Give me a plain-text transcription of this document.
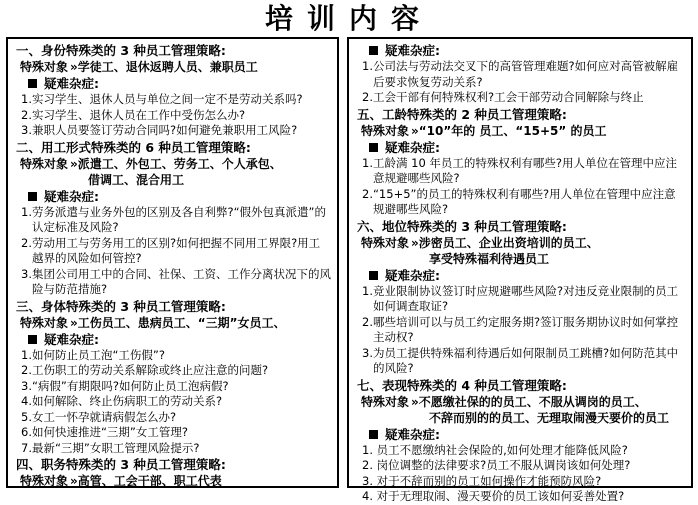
培训内容
一、身份特殊类的 3 种员工管理策略:
特殊对象 »学徒工、退休返聘人员、兼职员工
疑难杂症:
1.实习学生、退休人员与单位之间一定不是劳动关系吗?
2.实习学生、退休人员在工作中受伤怎么办?
3.兼职人员要签订劳动合同吗?如何避免兼职用工风险?
二、用工形式特殊类的 6 种员工管理策略:
特殊对象 »派遣工、外包工、劳务工、个人承包、
借调工、混合用工
疑难杂症:
1.劳务派遣与业务外包的区别及各自利弊?“假外包真派遣”的认定标准及风险?
2.劳动用工与劳务用工的区别?如何把握不同用工界限?用工越界的风险如何管控?
3.集团公司用工中的合同、社保、工资、工作分离状况下的风险与防范措施?
三、身体特殊类的 3 种员工管理策略:
特殊对象 »工伤员工、患病员工、“三期”女员工、
疑难杂症:
1.如何防止员工泡“工伤假”?
2.工伤职工的劳动关系解除或终止应注意的问题?
3.“病假”有期限吗?如何防止员工泡病假?
4.如何解除、终止伤病职工的劳动关系?
5.女工一怀孕就请病假怎么办?
6.如何快速推进“三期”女工管理?
7.最新“三期”女职工管理风险提示?
四、职务特殊类的 3 种员工管理策略:
特殊对象 »高管、工会干部、职工代表
疑难杂症:
1.公司法与劳动法交叉下的高管管理难题?如何应对高管被解雇后要求恢复劳动关系?
2.工会干部有何特殊权利?工会干部劳动合同解除与终止
五、工龄特殊类的 2 种员工管理策略:
特殊对象 »“10”年的 员工、“15+5” 的员工
疑难杂症:
1.工龄满 10 年员工的特殊权利有哪些?用人单位在管理中应注意规避哪些风险?
2.“15+5”的员工的特殊权利有哪些?用人单位在管理中应注意规避哪些风险?
六、地位特殊类的 3 种员工管理策略:
特殊对象 »涉密员工、企业出资培训的员工、
享受特殊福利待遇员工
疑难杂症:
1.竞业限制协议签订时应规避哪些风险?对违反竞业限制的员工如何调查取证?
2.哪些培训可以与员工约定服务期?签订服务期协议时如何掌控主动权?
3.为员工提供特殊福利待遇后如何限制员工跳槽?如何防范其中的风险?
七、表现特殊类的 4 种员工管理策略:
特殊对象 »不愿缴社保的的员工、不服从调岗的员工、
不辞而别的的员工、无理取闹漫天要价的员工
疑难杂症:
1. 员工不愿缴纳社会保险的,如何处理才能降低风险?
2. 岗位调整的法律要求?员工不服从调岗该如何处理?
3. 对于不辞而别的员工如何操作才能预防风险?
4. 对于无理取闹、漫天要价的员工该如何妥善处置?
